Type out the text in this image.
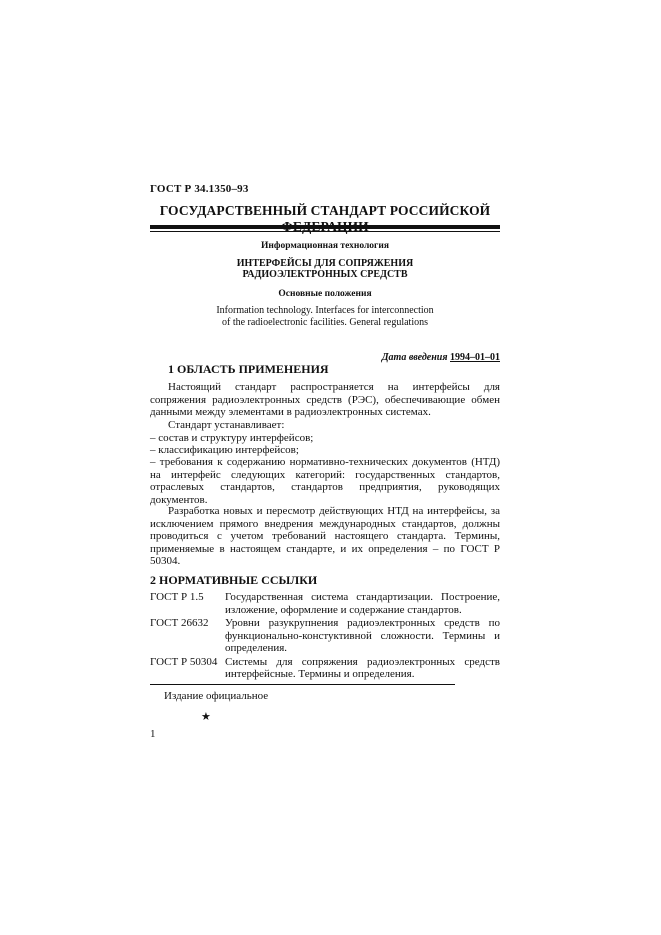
ГОСТ Р 34.1350–93
ГОСУДАРСТВЕННЫЙ СТАНДАРТ РОССИЙСКОЙ
Информационная технология
ИНТЕРФЕЙСЫ ДЛЯ СОПРЯЖЕНИЯ
РАДИОЭЛЕКТРОННЫХ СРЕДСТВ
Основные положения
Information technology. Interfaces for interconnection
of the radioelectronic facilities. General regulations
Дата введения 1994–01–01
1 ОБЛАСТЬ ПРИМЕНЕНИЯ
Настоящий стандарт распространяется на интерфейсы для сопряжения радиоэлектронных средств (РЭС), обеспечивающие обмен данными между элементами в радиоэлектронных системах.
Стандарт устанавливает:
– состав и структуру интерфейсов;
– классификацию интерфейсов;
– требования к содержанию нормативно-технических документов (НТД) на интерфейс следующих категорий: государственных стандартов, отраслевых стандартов, стандартов предприятия, руководящих документов.
Разработка новых и пересмотр действующих НТД на интерфейсы, за исключением прямого внедрения международных стандартов, должны проводиться с учетом требований настоящего стандарта. Термины, применяемые в настоящем стандарте, и их определения – по ГОСТ Р 50304.
2 НОРМАТИВНЫЕ ССЫЛКИ
ГОСТ Р 1.5	Государственная система стандартизации. Построение, изложение, оформление и содержание стандартов.
ГОСТ 26632	Уровни разукрупнения радиоэлектронных средств по функционально-констуктивной сложности. Термины и определения.
ГОСТ Р 50304 Системы для сопряжения радиоэлектронных средств интерфейсные. Термины и определения.
Издание официальное
★
1
